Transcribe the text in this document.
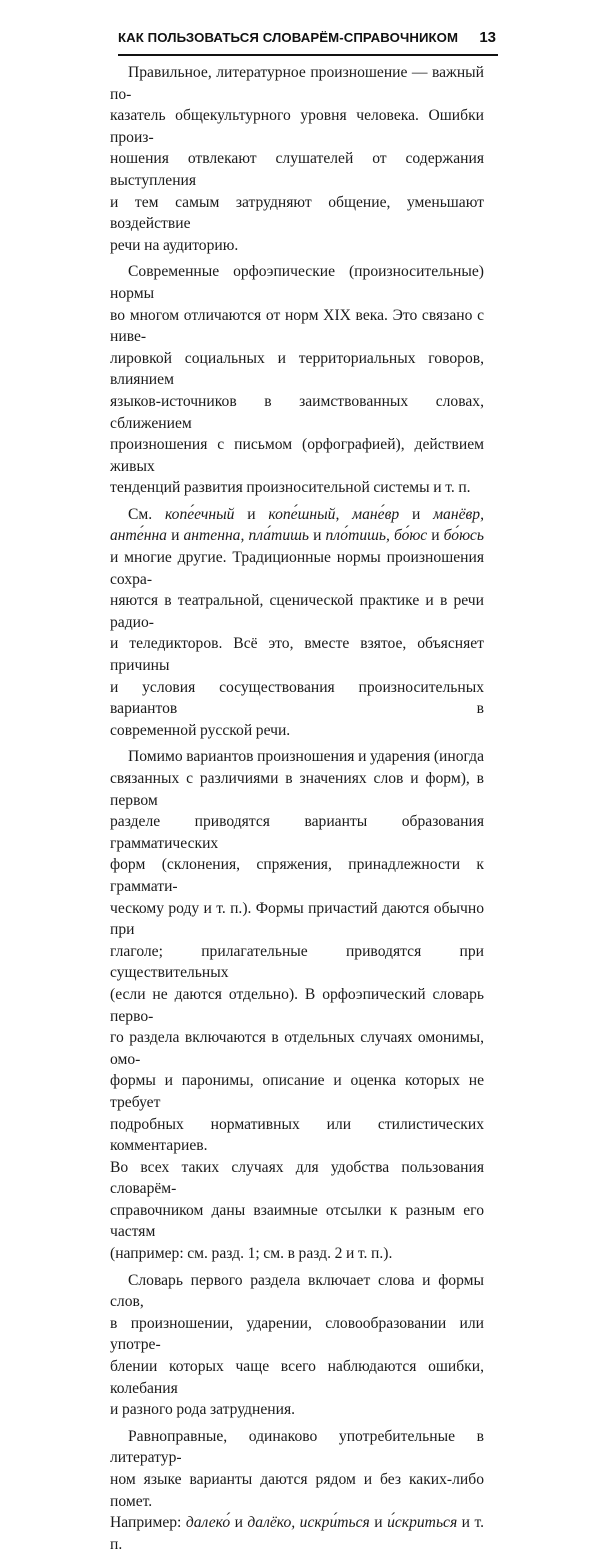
КАК ПОЛЬЗОВАТЬСЯ СЛОВАРЁМ-СПРАВОЧНИКОМ 13

Правильное, литературное произношение — важный по-
казатель общекультурного уровня человека. Ошибки произ-
ношения отвлекают слушателей от содержания выступления
и тем самым затрудняют общение, уменьшают воздействие
речи на аудиторию.

Современные орфоэпические (произносительные) нормы
во многом отличаются от норм XIX века. Это связано с ниве-
лировкой социальных и территориальных говоров, влиянием
языков-источников в заимствованных словах, сближением
произношения с письмом (орфографией), действием живых
тенденций развития произносительной системы и т. п.

См. копе́ечный и копе́шный, мане́вр и манёвр,
анте́нна и антенна, пла́тишь и пло́тишь, бо́юс и бо́юсь
и многие другие. Традиционные нормы произношения сохра-
няются в театральной, сценической практике и в речи радио-
и теледикторов. Всё это, вместе взятое, объясняет причины
и условия сосуществования произносительных вариантов в
современной русской речи.

Помимо вариантов произношения и ударения (иногда
связанных с различиями в значениях слов и форм), в первом
разделе приводятся варианты образования грамматических
форм (склонения, спряжения, принадлежности к граммати-
ческому роду и т. п.). Формы причастий даются обычно при
глаголе; прилагательные приводятся при существительных
(если не даются отдельно). В орфоэпический словарь перво-
го раздела включаются в отдельных случаях омонимы, омо-
формы и паронимы, описание и оценка которых не требует
подробных нормативных или стилистических комментариев.
Во всех таких случаях для удобства пользования словарём-
справочником даны взаимные отсылки к разным его частям
(например: см. разд. 1; см. в разд. 2 и т. п.).

Словарь первого раздела включает слова и формы слов,
в произношении, ударении, словообразовании или употре-
блении которых чаще всего наблюдаются ошибки, колебания
и разного рода затруднения.

Равноправные, одинаково употребительные в литератур-
ном языке варианты даются рядом и без каких-либо помет.
Например: далеко́ и далёко, искри́ться и и́скриться и т. п.
